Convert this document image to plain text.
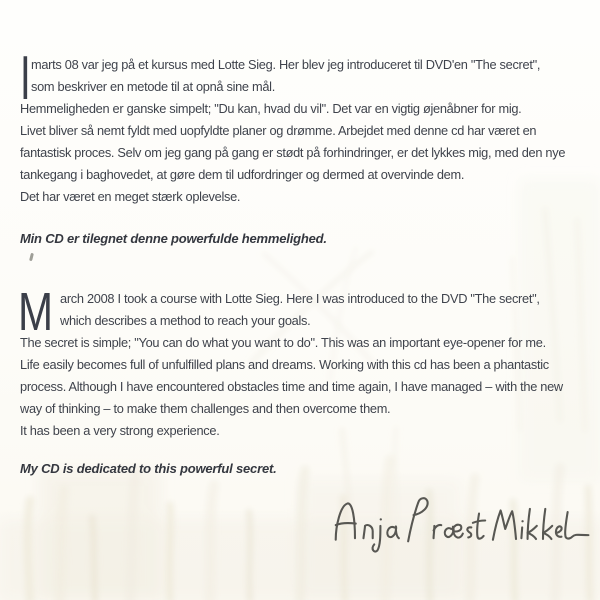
I marts 08 var jeg på et kursus med Lotte Sieg. Her blev jeg introduceret til DVD'en "The secret",
som beskriver en metode til at opnå sine mål.
Hemmeligheden er ganske simpelt; "Du kan, hvad du vil". Det var en vigtig øjenåbner for mig.
Livet bliver så nemt fyldt med uopfyldte planer og drømme. Arbejdet med denne cd har været en
fantastisk proces. Selv om jeg gang på gang er stødt på forhindringer, er det lykkes mig, med den nye
tankegang i baghovedet, at gøre dem til udfordringer og dermed at overvinde dem.
Det har været en meget stærk oplevelse.
Min CD er tilegnet denne powerfulde hemmelighed.
M arch 2008 I took a course with Lotte Sieg. Here I was introduced to the DVD "The secret",
which describes a method to reach your goals.
The secret is simple; "You can do what you want to do". This was an important eye-opener for me.
Life easily becomes full of unfulfilled plans and dreams. Working with this cd has been a phantastic
process. Although I have encountered obstacles time and time again, I have managed – with the new
way of thinking – to make them challenges and then overcome them.
It has been a very strong experience.
My CD is dedicated to this powerful secret.
